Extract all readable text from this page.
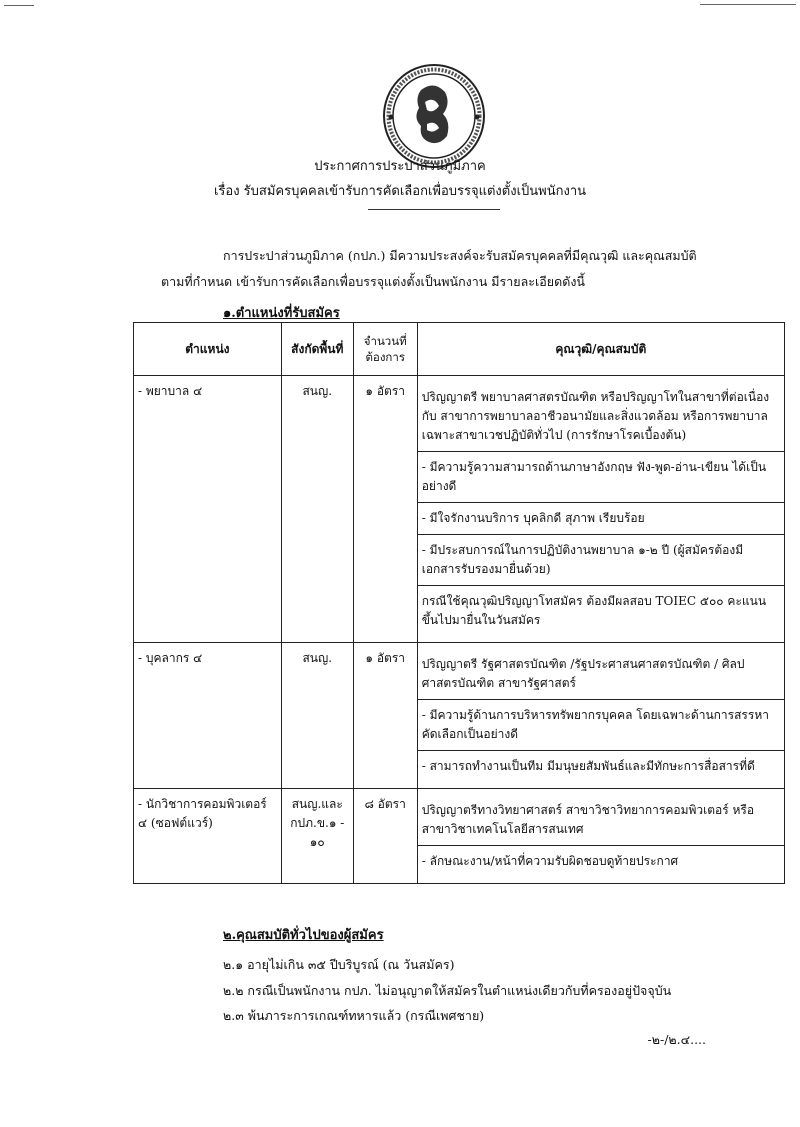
ประกาศการประปาส่วนภูมิภาค
เรื่อง รับสมัครบุคคลเข้ารับการคัดเลือกเพื่อบรรจุแต่งตั้งเป็นพนักงาน
การประปาส่วนภูมิภาค (กปภ.) มีความประสงค์จะรับสมัครบุคคลที่มีคุณวุฒิ และคุณสมบัติ
ตามที่กำหนด เข้ารับการคัดเลือกเพื่อบรรจุแต่งตั้งเป็นพนักงาน มีรายละเอียดดังนี้
๑.ตำแหน่งที่รับสมัคร
ตำแหน่ง	สังกัดพื้นที่	จำนวนที่ต้องการ	คุณวุฒิ/คุณสมบัติ
- พยาบาล ๔	สนญ.	๑ อัตรา	ปริญญาตรี พยาบาลศาสตรบัณฑิต หรือปริญญาโทในสาขาที่ต่อเนื่องกับ สาขาการพยาบาลอาชีวอนามัยและสิ่งแวดล้อม หรือการพยาบาลเฉพาะสาขาเวชปฏิบัติทั่วไป (การรักษาโรคเบื้องต้น)
- มีความรู้ความสามารถด้านภาษาอังกฤษ ฟัง-พูด-อ่าน-เขียน ได้เป็นอย่างดี
- มีใจรักงานบริการ บุคลิกดี สุภาพ เรียบร้อย
- มีประสบการณ์ในการปฏิบัติงานพยาบาล ๑-๒ ปี (ผู้สมัครต้องมีเอกสารรับรองมายื่นด้วย)
กรณีใช้คุณวุฒิปริญญาโทสมัคร ต้องมีผลสอบ TOIEC ๕๐๐ คะแนนขึ้นไปมายื่นในวันสมัคร

- บุคลากร ๔	สนญ.	๑ อัตรา	ปริญญาตรี รัฐศาสตรบัณฑิต /รัฐประศาสนศาสตรบัณฑิต / ศิลปศาสตรบัณฑิต สาขารัฐศาสตร์
- มีความรู้ด้านการบริหารทรัพยากรบุคคล โดยเฉพาะด้านการสรรหาคัดเลือกเป็นอย่างดี
- สามารถทำงานเป็นทีม มีมนุษยสัมพันธ์และมีทักษะการสื่อสารที่ดี

- นักวิชาการคอมพิวเตอร์ ๔ (ซอฟต์แวร์)	สนญ.และ กปภ.ข.๑ - ๑๐	๘ อัตรา	ปริญญาตรีทางวิทยาศาสตร์ สาขาวิชาวิทยาการคอมพิวเตอร์ หรือสาขาวิชาเทคโนโลยีสารสนเทศ
- ลักษณะงาน/หน้าที่ความรับผิดชอบดูท้ายประกาศ
๒.คุณสมบัติทั่วไปของผู้สมัคร
๒.๑ อายุไม่เกิน ๓๕ ปีบริบูรณ์ (ณ วันสมัคร)
๒.๒ กรณีเป็นพนักงาน กปภ. ไม่อนุญาตให้สมัครในตำแหน่งเดียวกับที่ครองอยู่ปัจจุบัน
๒.๓ พ้นภาระการเกณฑ์ทหารแล้ว (กรณีเพศชาย)
-๒-/๒.๔....
